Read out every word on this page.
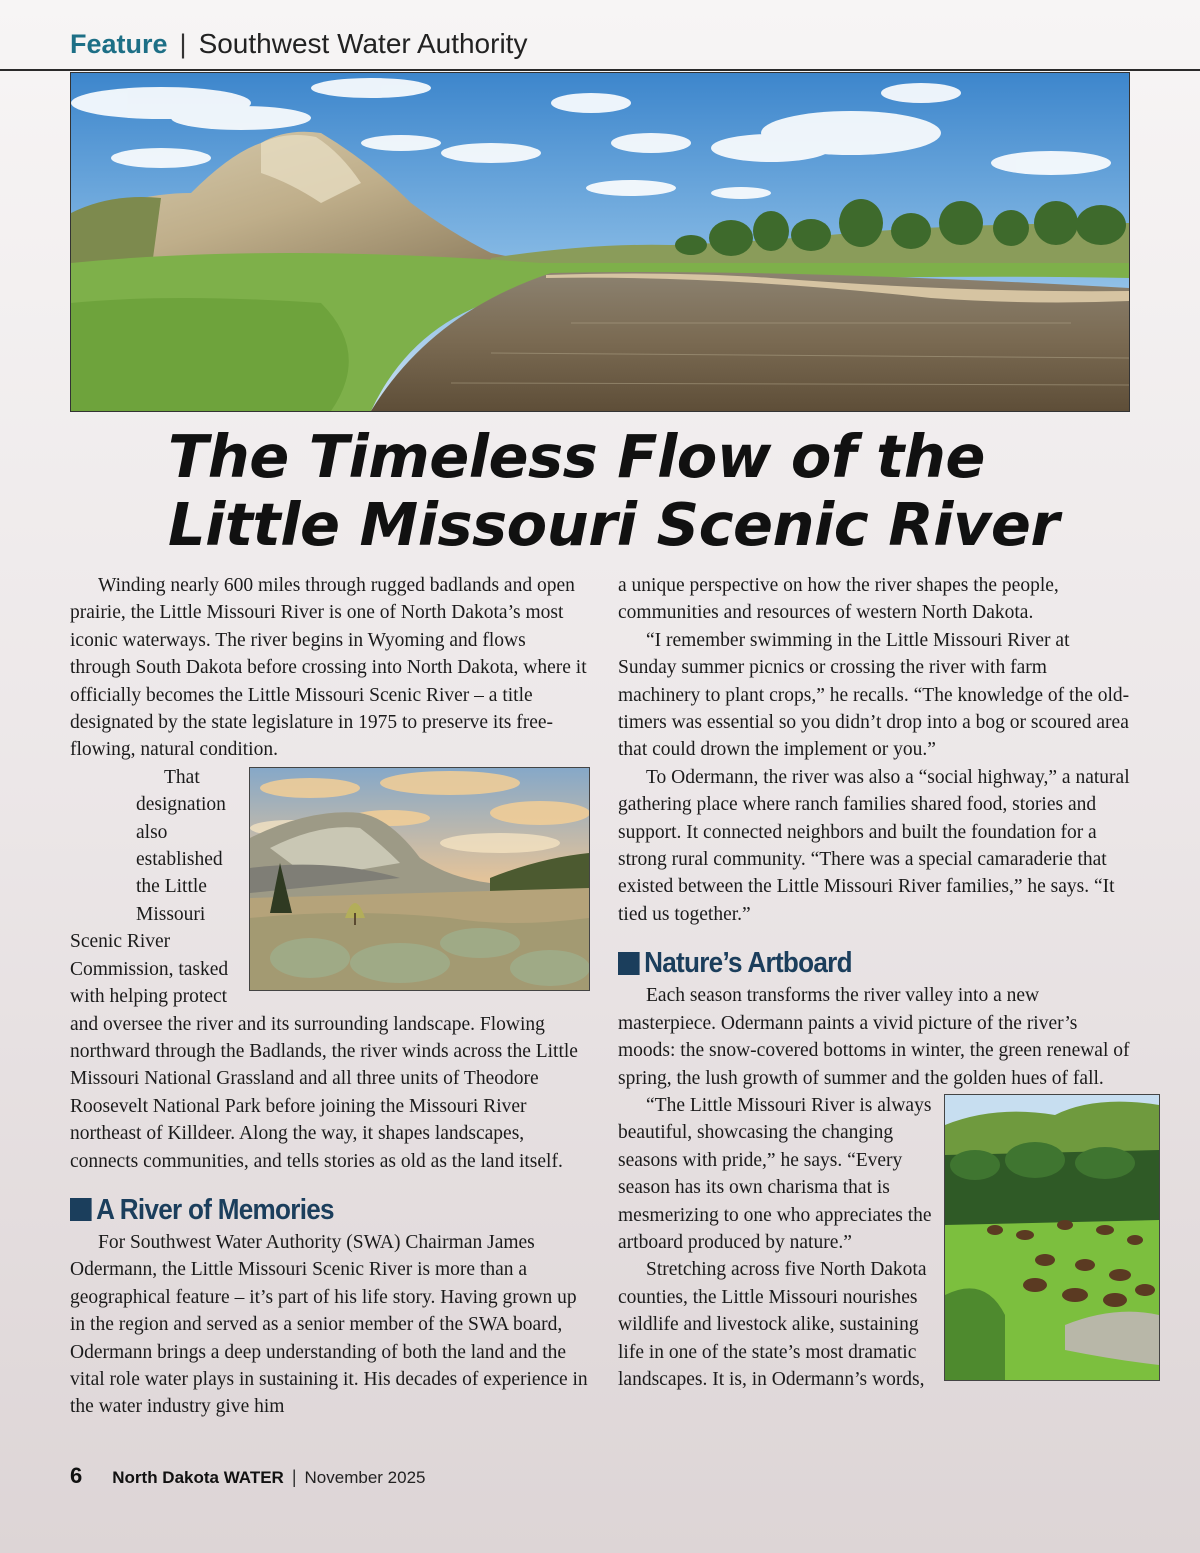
Feature | Southwest Water Authority
The Timeless Flow of the
Little Missouri Scenic River

Winding nearly 600 miles through rugged badlands and open prairie, the Little Missouri River is one of North Dakota’s most iconic waterways. The river begins in Wyoming and flows through South Dakota before crossing into North Dakota, where it officially becomes the Little Missouri Scenic River – a title designated by the state legislature in 1975 to preserve its free-flowing, natural condition.

That designation also established the Little Missouri Scenic River Commission, tasked with helping protect and oversee the river and its surrounding landscape. Flowing northward through the Badlands, the river winds across the Little Missouri National Grassland and all three units of Theodore Roosevelt National Park before joining the Missouri River northeast of Killdeer. Along the way, it shapes landscapes, connects communities, and tells stories as old as the land itself.

A River of Memories

For Southwest Water Authority (SWA) Chairman James Odermann, the Little Missouri Scenic River is more than a geographical feature – it’s part of his life story. Having grown up in the region and served as a senior member of the SWA board, Odermann brings a deep understanding of both the land and the vital role water plays in sustaining it. His decades of experience in the water industry give him

a unique perspective on how the river shapes the people, communities and resources of western North Dakota.

“I remember swimming in the Little Missouri River at Sunday summer picnics or crossing the river with farm machinery to plant crops,” he recalls. “The knowledge of the old-timers was essential so you didn’t drop into a bog or scoured area that could drown the implement or you.”

To Odermann, the river was also a “social highway,” a natural gathering place where ranch families shared food, stories and support. It connected neighbors and built the foundation for a strong rural community. “There was a special camaraderie that existed between the Little Missouri River families,” he says. “It tied us together.”

Nature’s Artboard

Each season transforms the river valley into a new masterpiece. Odermann paints a vivid picture of the river’s moods: the snow-covered bottoms in winter, the green renewal of spring, the lush growth of summer and the golden hues of fall.

“The Little Missouri River is always beautiful, showcasing the changing seasons with pride,” he says. “Every season has its own charisma that is mesmerizing to one who appreciates the artboard produced by nature.”

Stretching across five North Dakota counties, the Little Missouri nourishes wildlife and livestock alike, sustaining life in one of the state’s most dramatic landscapes. It is, in Odermann’s words,

6 North Dakota WATER | November 2025
